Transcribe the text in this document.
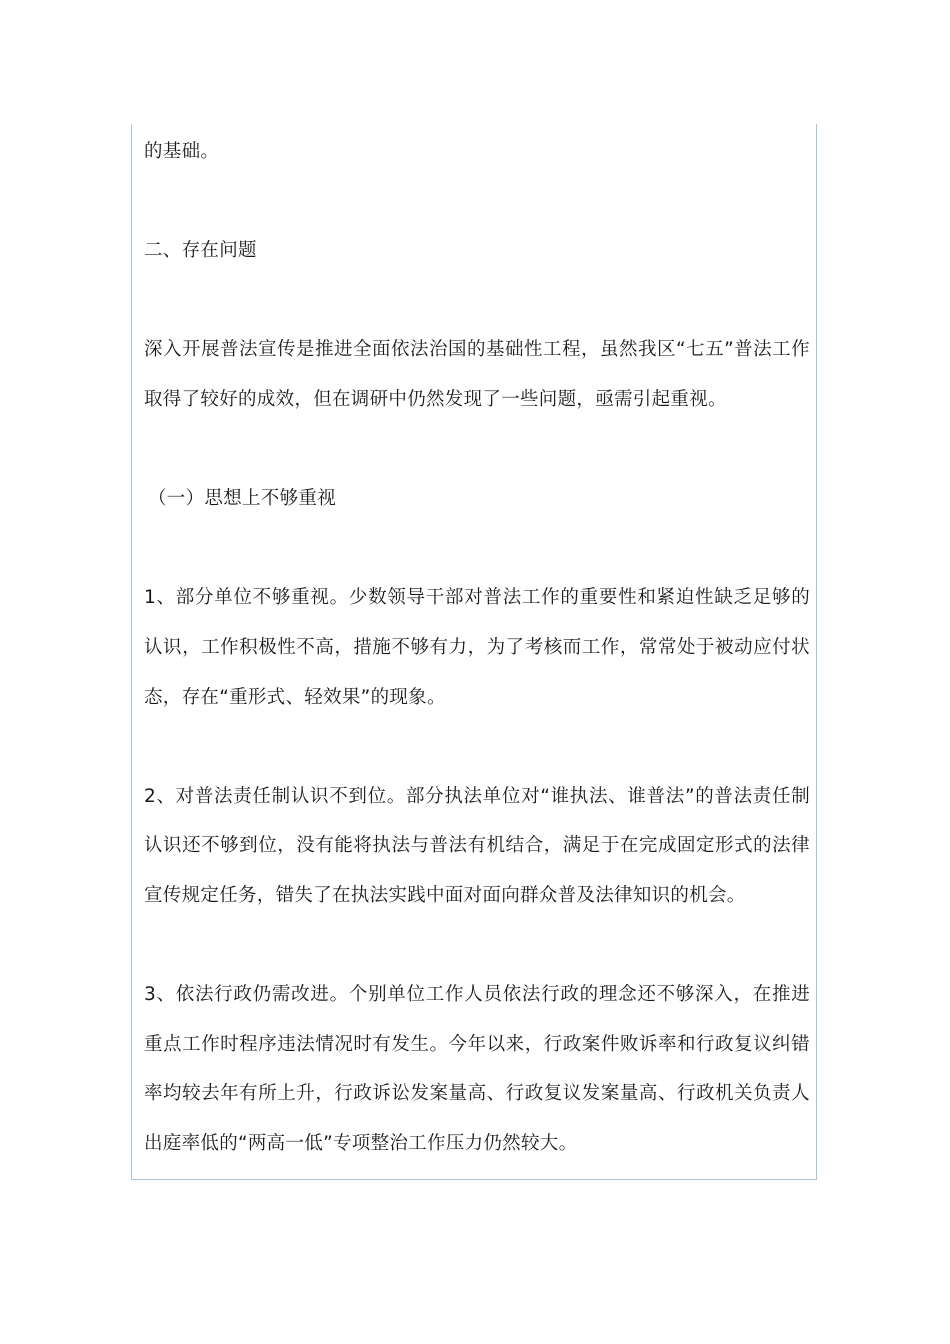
的基础。

二、存在问题

深入开展普法宣传是推进全面依法治国的基础性工程，虽然我区“七五”普法工作取得了较好的成效，但在调研中仍然发现了一些问题，亟需引起重视。

（一）思想上不够重视

1、部分单位不够重视。少数领导干部对普法工作的重要性和紧迫性缺乏足够的认识，工作积极性不高，措施不够有力，为了考核而工作，常常处于被动应付状态，存在“重形式、轻效果”的现象。

2、对普法责任制认识不到位。部分执法单位对“谁执法、谁普法”的普法责任制认识还不够到位，没有能将执法与普法有机结合，满足于在完成固定形式的法律宣传规定任务，错失了在执法实践中面对面向群众普及法律知识的机会。

3、依法行政仍需改进。个别单位工作人员依法行政的理念还不够深入，在推进重点工作时程序违法情况时有发生。今年以来，行政案件败诉率和行政复议纠错率均较去年有所上升，行政诉讼发案量高、行政复议发案量高、行政机关负责人出庭率低的“两高一低”专项整治工作压力仍然较大。
